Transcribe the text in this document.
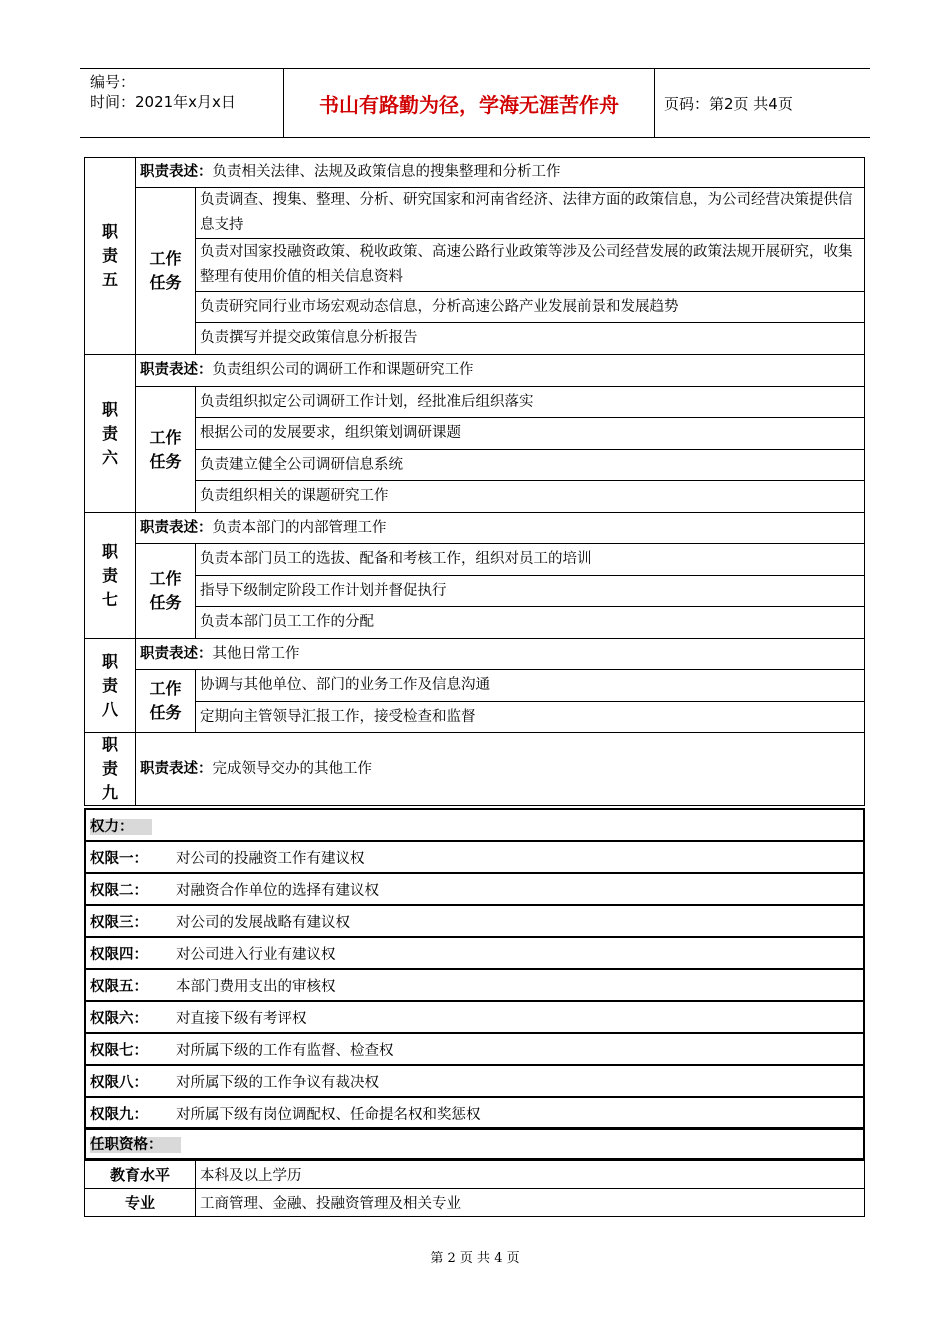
编号：
时间：2021年x月x日	书山有路勤为径，学海无涯苦作舟	页码：第2页 共4页
职
责
五	职责表述：负责相关法律、法规及政策信息的搜集整理和分析工作	
	工作
任务	负责调查、搜集、整理、分析、研究国家和河南省经济、法律方面的政策信息，为公司经营决策提供信息支持
		负责对国家投融资政策、税收政策、高速公路行业政策等涉及公司经营发展的政策法规开展研究，收集整理有使用价值的相关信息资料
		负责研究同行业市场宏观动态信息，分析高速公路产业发展前景和发展趋势
		负责撰写并提交政策信息分析报告
职
责
六	职责表述：负责组织公司的调研工作和课题研究工作	
	工作
任务	负责组织拟定公司调研工作计划，经批准后组织落实
		根据公司的发展要求，组织策划调研课题
		负责建立健全公司调研信息系统
		负责组织相关的课题研究工作
职
责
七	职责表述：负责本部门的内部管理工作	
	工作
任务	负责本部门员工的选拔、配备和考核工作，组织对员工的培训
		指导下级制定阶段工作计划并督促执行
		负责本部门员工工作的分配
职
责
八	职责表述：其他日常工作	
	工作
任务	协调与其他单位、部门的业务工作及信息沟通
		定期向主管领导汇报工作，接受检查和监督
职
责
九	职责表述：完成领导交办的其他工作	
权力：
权限一： 对公司的投融资工作有建议权
权限二： 对融资合作单位的选择有建议权
权限三： 对公司的发展战略有建议权
权限四： 对公司进入行业有建议权
权限五： 本部门费用支出的审核权
权限六： 对直接下级有考评权
权限七： 对所属下级的工作有监督、检查权
权限八： 对所属下级的工作争议有裁决权
权限九： 对所属下级有岗位调配权、任命提名权和奖惩权
任职资格：
教育水平	本科及以上学历
专业	工商管理、金融、投融资管理及相关专业
第 2 页 共 4 页
